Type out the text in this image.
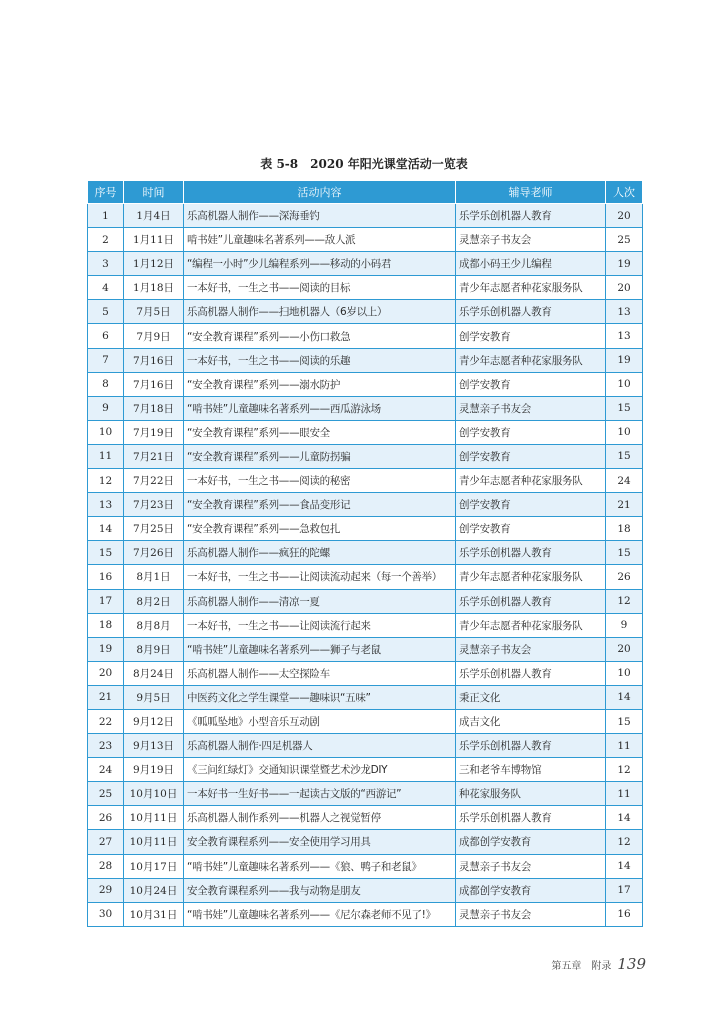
表 5-8　2020 年阳光课堂活动一览表
序号	时间	活动内容	辅导老师	人次
1	1月4日	乐高机器人制作——深海垂钓	乐学乐创机器人教育	20
2	1月11日	啃书娃”儿童趣味名著系列——敌人派	灵慧亲子书友会	25
3	1月12日	“编程一小时”少儿编程系列——移动的小码君	成都小码王少儿编程	19
4	1月18日	一本好书，一生之书——阅读的目标	青少年志愿者种花家服务队	20
5	7月5日	乐高机器人制作——扫地机器人（6岁以上）	乐学乐创机器人教育	13
6	7月9日	“安全教育课程”系列——小伤口救急	创学安教育	13
7	7月16日	一本好书，一生之书——阅读的乐趣	青少年志愿者种花家服务队	19
8	7月16日	“安全教育课程”系列——溺水防护	创学安教育	10
9	7月18日	“啃书娃”儿童趣味名著系列——西瓜游泳场	灵慧亲子书友会	15
10	7月19日	“安全教育课程”系列——眼安全	创学安教育	10
11	7月21日	“安全教育课程”系列——儿童防拐骗	创学安教育	15
12	7月22日	一本好书，一生之书——阅读的秘密	青少年志愿者种花家服务队	24
13	7月23日	“安全教育课程”系列——食品变形记	创学安教育	21
14	7月25日	“安全教育课程”系列——急救包扎	创学安教育	18
15	7月26日	乐高机器人制作——疯狂的陀螺	乐学乐创机器人教育	15
16	8月1日	一本好书，一生之书——让阅读流动起来（每一个善举）	青少年志愿者种花家服务队	26
17	8月2日	乐高机器人制作——清凉一夏	乐学乐创机器人教育	12
18	8月8月	一本好书，一生之书——让阅读流行起来	青少年志愿者种花家服务队	9
19	8月9日	“啃书娃”儿童趣味名著系列——狮子与老鼠	灵慧亲子书友会	20
20	8月24日	乐高机器人制作——太空探险车	乐学乐创机器人教育	10
21	9月5日	中医药文化之学生课堂——趣味识“五味”	秉正文化	14
22	9月12日	《呱呱坠地》小型音乐互动剧	成吉文化	15
23	9月13日	乐高机器人制作·四足机器人	乐学乐创机器人教育	11
24	9月19日	《三问红绿灯》交通知识课堂暨艺术沙龙DIY	三和老爷车博物馆	12
25	10月10日	一本好书一生好书——一起读古文版的“西游记”	种花家服务队	11
26	10月11日	乐高机器人制作系列——机器人之视觉暂停	乐学乐创机器人教育	14
27	10月11日	安全教育课程系列——安全使用学习用具	成都创学安教育	12
28	10月17日	“啃书娃”儿童趣味名著系列——《狼、鸭子和老鼠》	灵慧亲子书友会	14
29	10月24日	安全教育课程系列——我与动物是朋友	成都创学安教育	17
30	10月31日	“啃书娃”儿童趣味名著系列——《尼尔森老师不见了!》	灵慧亲子书友会	16
第五章　附录 139
